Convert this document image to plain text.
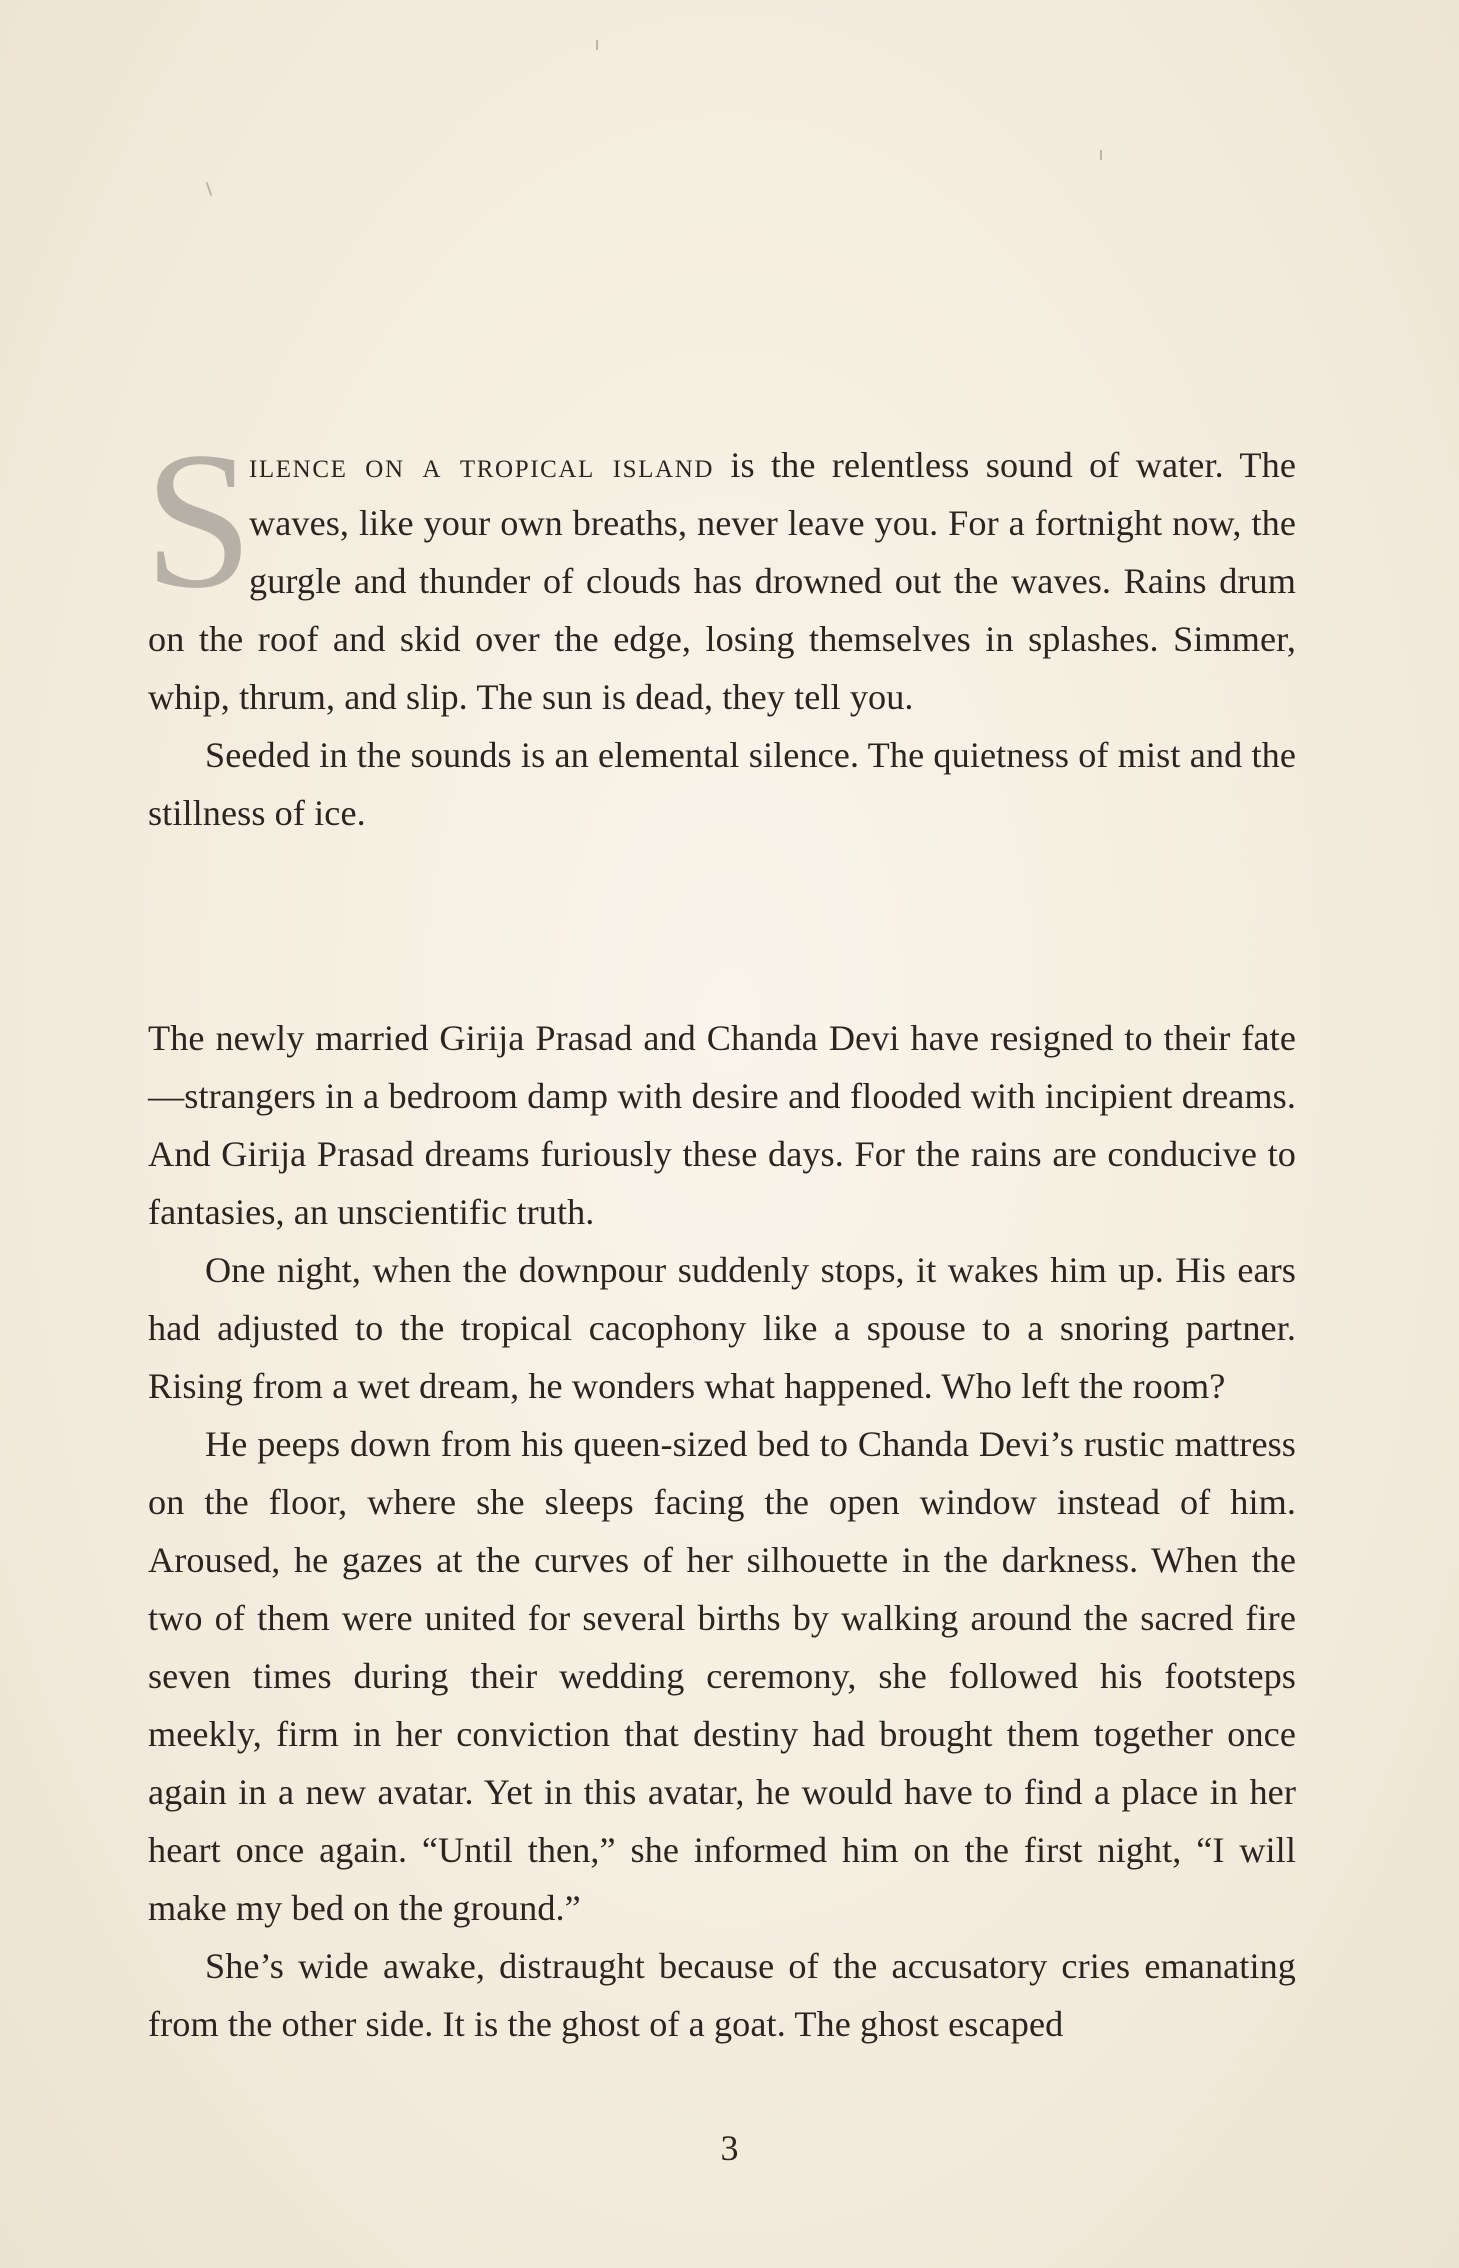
S
ilence on a tropical island is the relentless sound of water. The waves, like your own breaths, never leave you. For a fortnight now, the gurgle and thunder of clouds has drowned out the waves. Rains drum on the roof and skid over the edge, losing themselves in splashes. Simmer, whip, thrum, and slip. The sun is dead, they tell you.

Seeded in the sounds is an elemental silence. The quietness of mist and the stillness of ice.

The newly married Girija Prasad and Chanda Devi have resigned to their fate—strangers in a bedroom damp with desire and flooded with incipient dreams. And Girija Prasad dreams furiously these days. For the rains are conducive to fantasies, an unscientific truth.

One night, when the downpour suddenly stops, it wakes him up. His ears had adjusted to the tropical cacophony like a spouse to a snoring partner. Rising from a wet dream, he wonders what happened. Who left the room?

He peeps down from his queen-sized bed to Chanda Devi’s rustic mattress on the floor, where she sleeps facing the open window instead of him. Aroused, he gazes at the curves of her silhouette in the darkness. When the two of them were united for several births by walking around the sacred fire seven times during their wedding ceremony, she followed his footsteps meekly, firm in her conviction that destiny had brought them together once again in a new avatar. Yet in this avatar, he would have to find a place in her heart once again. “Until then,” she informed him on the first night, “I will make my bed on the ground.”

She’s wide awake, distraught because of the accusatory cries emanating from the other side. It is the ghost of a goat. The ghost escaped

3
